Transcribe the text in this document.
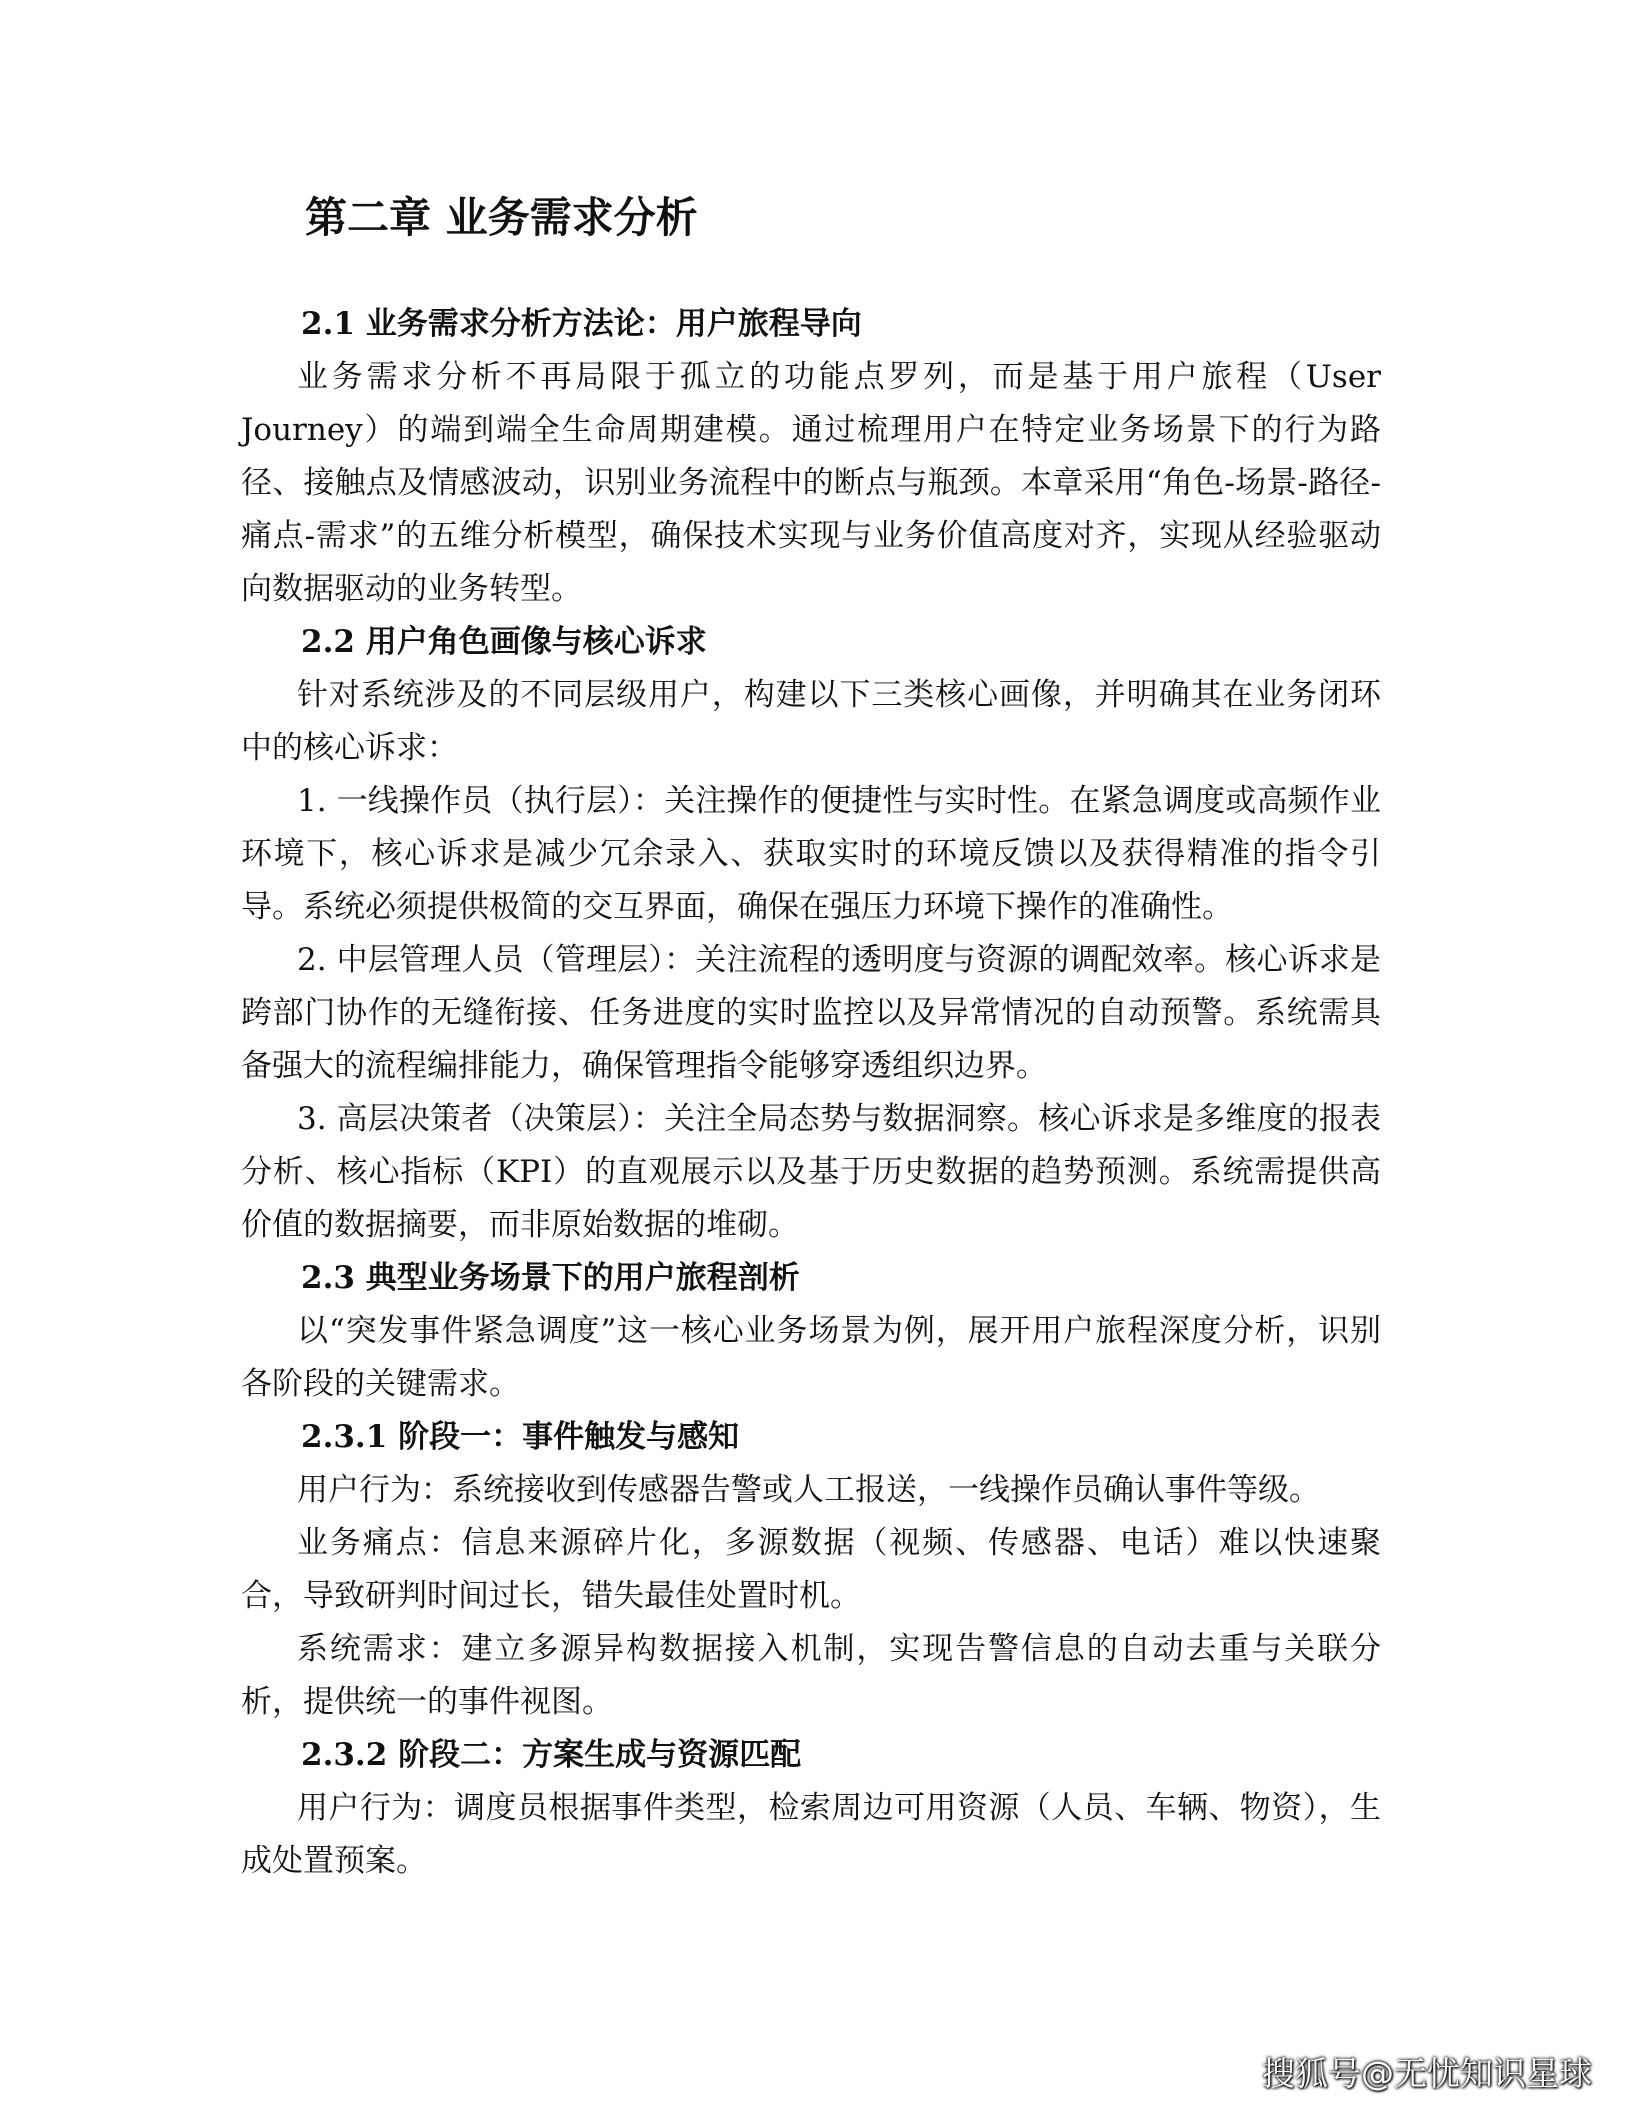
第二章 业务需求分析
2.1 业务需求分析方法论：用户旅程导向

业务需求分析不再局限于孤立的功能点罗列，而是基于用户旅程（User Journey）的端到端全生命周期建模。通过梳理用户在特定业务场景下的行为路径、接触点及情感波动，识别业务流程中的断点与瓶颈。本章采用“角色-场景-路径-痛点-需求”的五维分析模型，确保技术实现与业务价值高度对齐，实现从经验驱动向数据驱动的业务转型。

2.2 用户角色画像与核心诉求

针对系统涉及的不同层级用户，构建以下三类核心画像，并明确其在业务闭环中的核心诉求：

1. 一线操作员（执行层）：关注操作的便捷性与实时性。在紧急调度或高频作业环境下，核心诉求是减少冗余录入、获取实时的环境反馈以及获得精准的指令引导。系统必须提供极简的交互界面，确保在强压力环境下操作的准确性。

2. 中层管理人员（管理层）：关注流程的透明度与资源的调配效率。核心诉求是跨部门协作的无缝衔接、任务进度的实时监控以及异常情况的自动预警。系统需具备强大的流程编排能力，确保管理指令能够穿透组织边界。

3. 高层决策者（决策层）：关注全局态势与数据洞察。核心诉求是多维度的报表分析、核心指标（KPI）的直观展示以及基于历史数据的趋势预测。系统需提供高价值的数据摘要，而非原始数据的堆砌。

2.3 典型业务场景下的用户旅程剖析

以“突发事件紧急调度”这一核心业务场景为例，展开用户旅程深度分析，识别各阶段的关键需求。

2.3.1 阶段一：事件触发与感知

用户行为：系统接收到传感器告警或人工报送，一线操作员确认事件等级。

业务痛点：信息来源碎片化，多源数据（视频、传感器、电话）难以快速聚合，导致研判时间过长，错失最佳处置时机。

系统需求：建立多源异构数据接入机制，实现告警信息的自动去重与关联分析，提供统一的事件视图。

2.3.2 阶段二：方案生成与资源匹配

用户行为：调度员根据事件类型，检索周边可用资源（人员、车辆、物资），生成处置预案。

搜狐号@无忧知识星球
